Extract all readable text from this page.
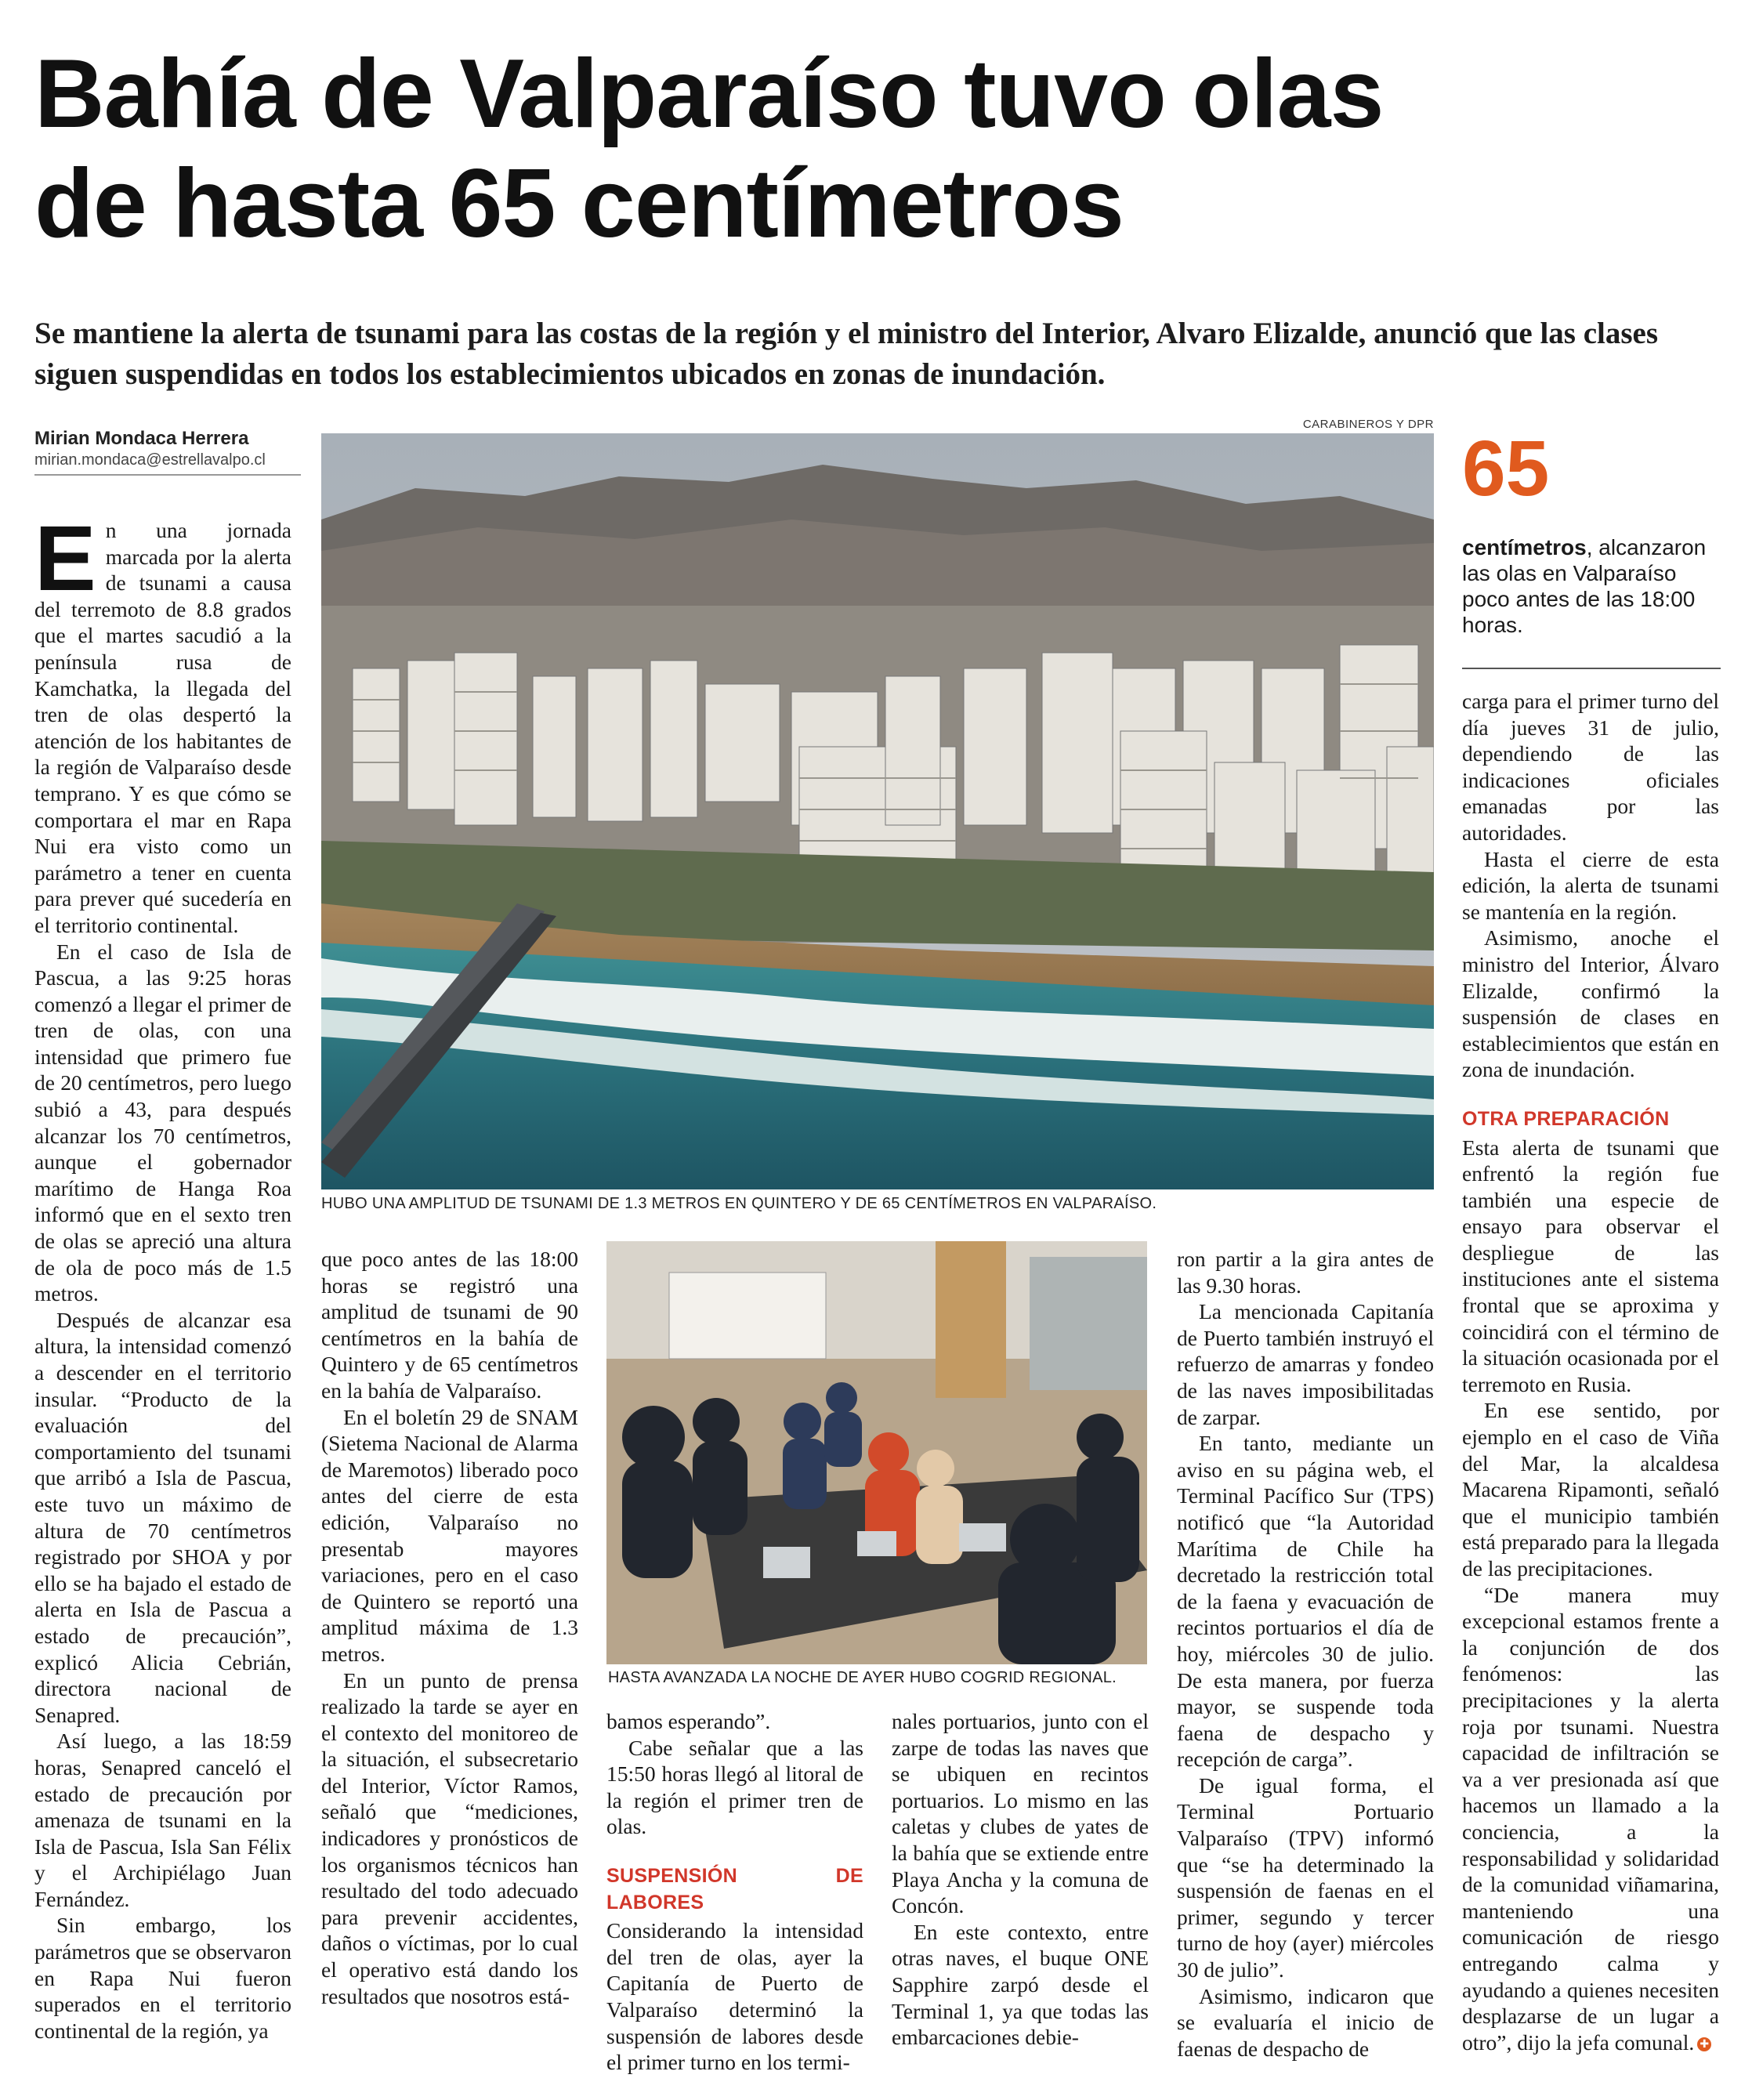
Bahía de Valparaíso tuvo olas
de hasta 65 centímetros
Se mantiene la alerta de tsunami para las costas de la región y el ministro del Interior, Alvaro Elizalde, anunció que las clases siguen suspendidas en todos los establecimientos ubicados en zonas de inundación.
Mirian Mondaca Herrera
mirian.mondaca@estrellavalpo.cl
CARABINEROS Y DPR
HUBO UNA AMPLITUD DE TSUNAMI DE 1.3 METROS EN QUINTERO Y DE 65 CENTÍMETROS EN VALPARAÍSO.
HASTA AVANZADA LA NOCHE DE AYER HUBO COGRID REGIONAL.
65
centímetros, alcanzaron las olas en Valparaíso poco antes de las 18:00 horas.

En una jornada marcada por la alerta de tsunami a causa del terremoto de 8.8 grados que el martes sacudió a la península rusa de Kamchatka, la llegada del tren de olas despertó la atención de los habitantes de la región de Valparaíso desde temprano. Y es que cómo se comportara el mar en Rapa Nui era visto como un parámetro a tener en cuenta para prever qué sucedería en el territorio continental.

En el caso de Isla de Pascua, a las 9:25 horas comenzó a llegar el primer de tren de olas, con una intensidad que primero fue de 20 centímetros, pero luego subió a 43, para después alcanzar los 70 centímetros, aunque el gobernador marítimo de Hanga Roa informó que en el sexto tren de olas se apreció una altura de ola de poco más de 1.5 metros.

Después de alcanzar esa altura, la intensidad comenzó a descender en el territorio insular. “Producto de la evaluación del comportamiento del tsunami que arribó a Isla de Pascua, este tuvo un máximo de altura de 70 centímetros registrado por SHOA y por ello se ha bajado el estado de alerta en Isla de Pascua a estado de precaución”, explicó Alicia Cebrián, directora nacional de Senapred.

Así luego, a las 18:59 horas, Senapred canceló el estado de precaución por amenaza de tsunami en la Isla de Pascua, Isla San Félix y el Archipiélago Juan Fernández.

Sin embargo, los parámetros que se observaron en Rapa Nui fueron superados en el territorio continental de la región, ya

que poco antes de las 18:00 horas se registró una amplitud de tsunami de 90 centímetros en la bahía de Quintero y de 65 centímetros en la bahía de Valparaíso.

En el boletín 29 de SNAM (Sietema Nacional de Alarma de Maremotos) liberado poco antes del cierre de esta edición, Valparaíso no presentab mayores variaciones, pero en el caso de Quintero se reportó una amplitud máxima de 1.3 metros.

En un punto de prensa realizado la tarde se ayer en el contexto del monitoreo de la situación, el subsecretario del Interior, Víctor Ramos, señaló que “mediciones, indicadores y pronósticos de los organismos técnicos han resultado del todo adecuado para prevenir accidentes, daños o víctimas, por lo cual el operativo está dando los resultados que nosotros está-

bamos esperando”.

Cabe señalar que a las 15:50 horas llegó al litoral de la región el primer tren de olas.

SUSPENSIÓN DE LABORES

Considerando la intensidad del tren de olas, ayer la Capitanía de Puerto de Valparaíso determinó la suspensión de labores desde el primer turno en los termi-

nales portuarios, junto con el zarpe de todas las naves que se ubiquen en recintos portuarios. Lo mismo en las caletas y clubes de yates de la bahía que se extiende entre Playa Ancha y la comuna de Concón.

En este contexto, entre otras naves, el buque ONE Sapphire zarpó desde el Terminal 1, ya que todas las embarcaciones debie-

ron partir a la gira antes de las 9.30 horas.

La mencionada Capitanía de Puerto también instruyó el refuerzo de amarras y fondeo de las naves imposibilitadas de zarpar.

En tanto, mediante un aviso en su página web, el Terminal Pacífico Sur (TPS) notificó que “la Autoridad Marítima de Chile ha decretado la restricción total de la faena y evacuación de recintos portuarios el día de hoy, miércoles 30 de julio. De esta manera, por fuerza mayor, se suspende toda faena de despacho y recepción de carga”.

De igual forma, el Terminal Portuario Valparaíso (TPV) informó que “se ha determinado la suspensión de faenas en el primer, segundo y tercer turno de hoy (ayer) miércoles 30 de julio”.

Asimismo, indicaron que se evaluaría el inicio de faenas de despacho de

carga para el primer turno del día jueves 31 de julio, dependiendo de las indicaciones oficiales emanadas por las autoridades.

Hasta el cierre de esta edición, la alerta de tsunami se mantenía en la región.

Asimismo, anoche el ministro del Interior, Álvaro Elizalde, confirmó la suspensión de clases en establecimientos que están en zona de inundación.

OTRA PREPARACIÓN

Esta alerta de tsunami que enfrentó la región fue también una especie de ensayo para observar el despliegue de las instituciones ante el sistema frontal que se aproxima y coincidirá con el término de la situación ocasionada por el terremoto en Rusia.

En ese sentido, por ejemplo en el caso de Viña del Mar, la alcaldesa Macarena Ripamonti, señaló que el municipio también está preparado para la llegada de las precipitaciones.

“De manera muy excepcional estamos frente a la conjunción de dos fenómenos: las precipitaciones y la alerta roja por tsunami. Nuestra capacidad de infiltración se va a ver presionada así que hacemos un llamado a la conciencia, a la responsabilidad y solidaridad de la comunidad viñamarina, manteniendo una comunicación de riesgo entregando calma y ayudando a quienes necesiten desplazarse de un lugar a otro”, dijo la jefa comunal. ✚
